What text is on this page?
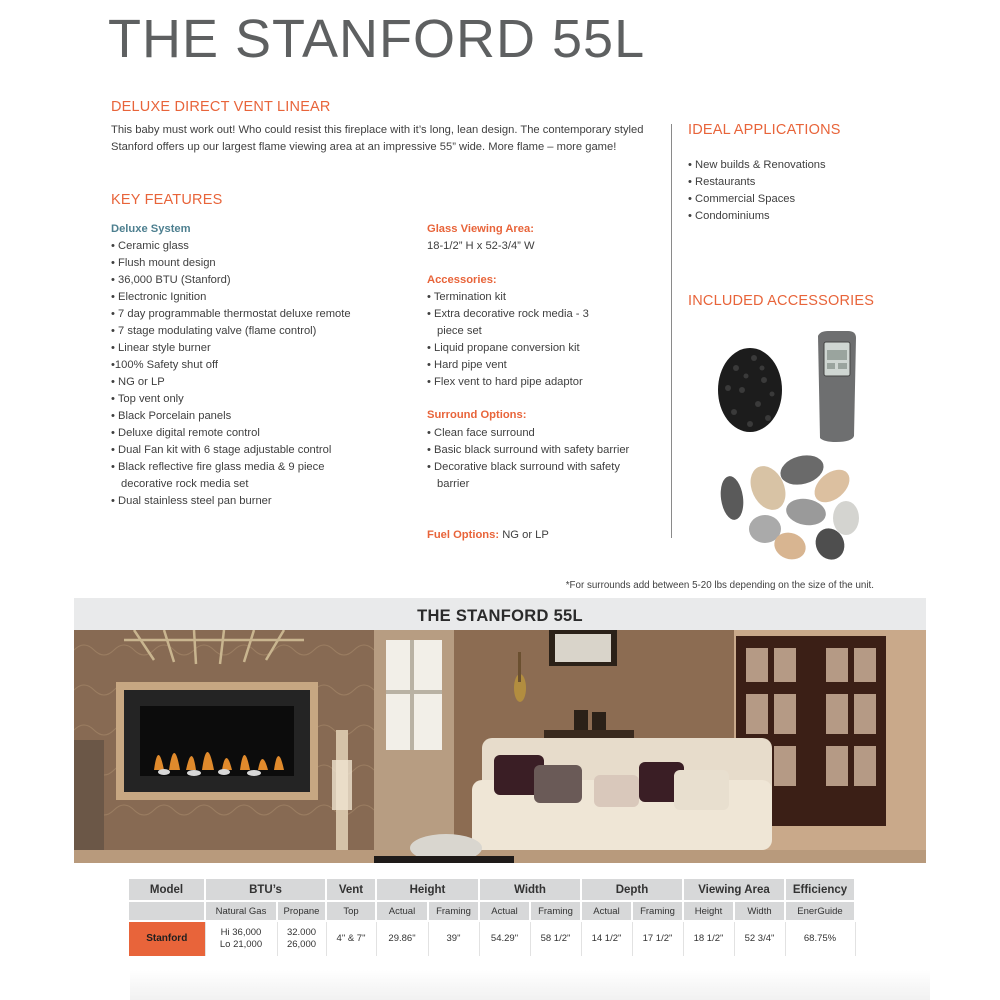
THE STANFORD 55L
DELUXE DIRECT VENT LINEAR
This baby must work out! Who could resist this fireplace with it’s long, lean design. The contemporary styled Stanford offers up our largest flame viewing area at an impressive 55” wide. More flame – more game!
KEY FEATURES
Deluxe System
• Ceramic glass
• Flush mount design
• 36,000 BTU (Stanford)
• Electronic Ignition
• 7 day programmable thermostat deluxe remote
• 7 stage modulating valve (flame control)
• Linear style burner
•100% Safety shut off
• NG or LP
• Top vent only
• Black Porcelain panels
• Deluxe digital remote control
• Dual Fan kit with 6 stage adjustable control
• Black reflective fire glass media & 9 piece decorative rock media set
• Dual stainless steel pan burner
Glass Viewing Area:
18-1/2” H x 52-3/4” W
Accessories:
• Termination kit
• Extra decorative rock media - 3 piece set
• Liquid propane conversion kit
• Hard pipe vent
• Flex vent to hard pipe adaptor
Surround Options:
• Clean face surround
• Basic black surround with safety barrier
• Decorative black surround with safety barrier
Fuel Options: NG or LP
IDEAL APPLICATIONS
• New builds & Renovations
• Restaurants
• Commercial Spaces
• Condominiums
INCLUDED ACCESSORIES
*For surrounds add between 5-20 lbs depending on the size of the unit.
THE STANFORD 55L
Model	BTU’s		Vent	Height		Width		Depth		Viewing Area		Efficiency
	Natural Gas	Propane	Top	Actual	Framing	Actual	Framing	Actual	Framing	Height	Width	EnerGuide
Stanford	Hi 36,000
Lo 21,000	32.000
26,000	4" & 7"	29.86"	39"	54.29"	58 1/2"	14 1/2"	17 1/2"	18 1/2"	52 3/4"	68.75%
